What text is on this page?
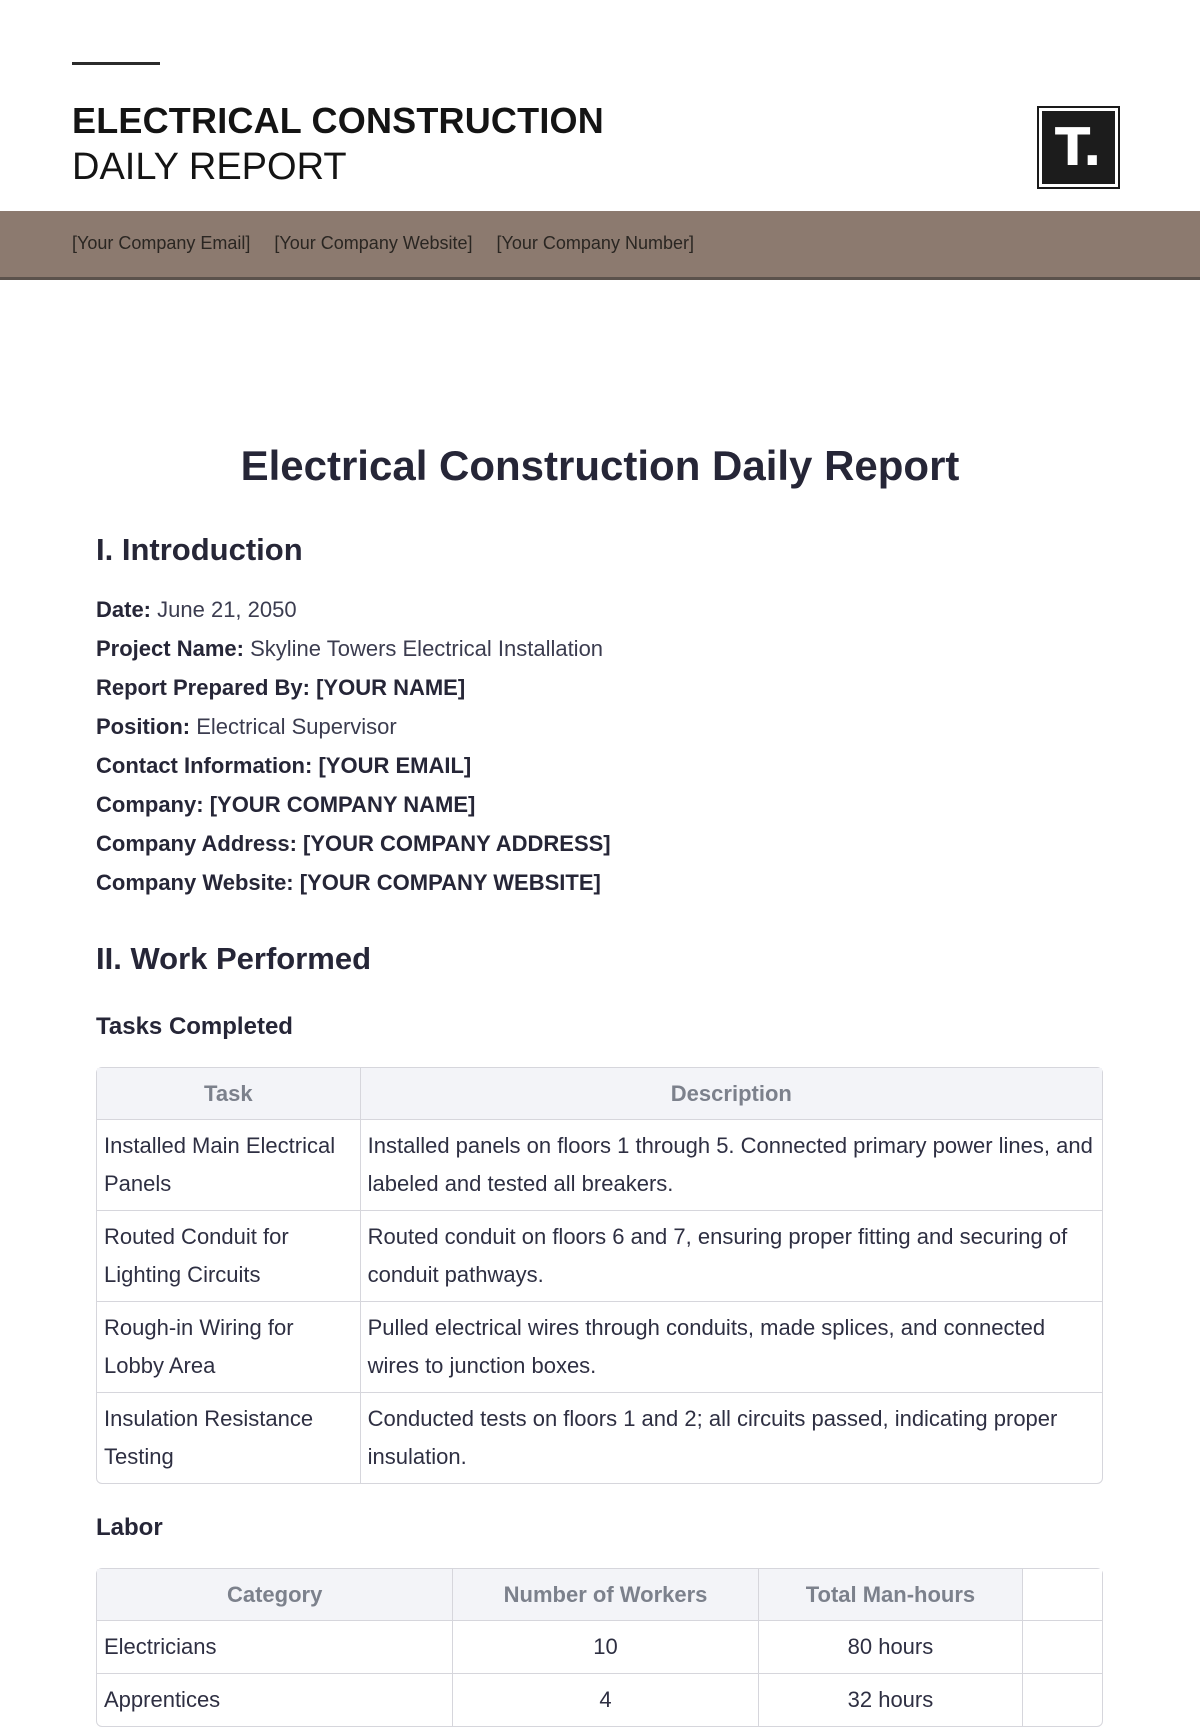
ELECTRICAL CONSTRUCTION
DAILY REPORT	T.
[Your Company Email] [Your Company Website] [Your Company Number]
Electrical Construction Daily Report
I. Introduction
Date: June 21, 2050
Project Name: Skyline Towers Electrical Installation
Report Prepared By: [YOUR NAME]
Position: Electrical Supervisor
Contact Information: [YOUR EMAIL]
Company: [YOUR COMPANY NAME]
Company Address: [YOUR COMPANY ADDRESS]
Company Website: [YOUR COMPANY WEBSITE]
II. Work Performed
Tasks Completed
Task	Description
Installed Main Electrical Panels	Installed panels on floors 1 through 5. Connected primary power lines, and labeled and tested all breakers.
Routed Conduit for Lighting Circuits	Routed conduit on floors 6 and 7, ensuring proper fitting and securing of conduit pathways.
Rough-in Wiring for Lobby Area	Pulled electrical wires through conduits, made splices, and connected wires to junction boxes.
Insulation Resistance Testing	Conducted tests on floors 1 and 2; all circuits passed, indicating proper insulation.
Labor
Category	Number of Workers	Total Man-hours	
Electricians	10	80 hours	
Apprentices	4	32 hours	
